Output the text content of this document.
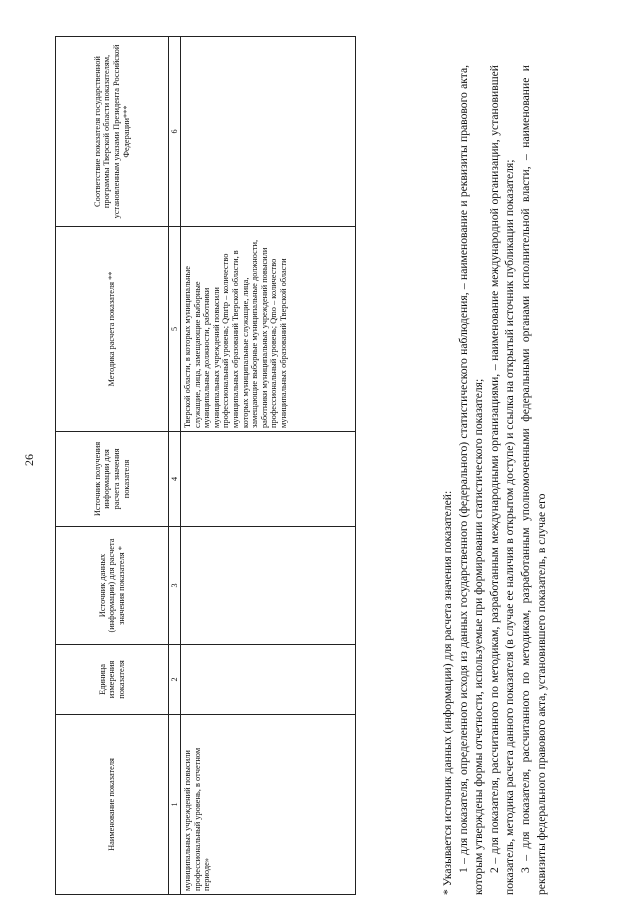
26
Наименование показателя	Единица измерения показателя	Источник данных (информации) для расчета значения показателя *	Источник получения информации для расчета значения показателя	Методика расчета показателя **	Соответствие показателя государственной программы Тверской области показателям, установленным указами Президента Российской Федерации***
1	2	3	4	5	6
муниципальных учреждений повысили профессиональный уровень, в отчетном периоде»				Тверской области, в которых муниципальные служащие, лица, замещающие выборные муниципальные должности, работники муниципальных учреждений повысили профессиональный уровень; Qmrtp – количество муниципальных образований Тверской области, в которых муниципальные служащие, лица, замещающие выборные муниципальные должности, работники муниципальных учреждений повысили профессиональный уровень; Qmo – количество муниципальных образований Тверской области	

* Указывается источник данных (информации) для расчета значения показателей: 1 – для показателя, определенного исходя из данных государственного (федерального) статистического наблюдения, – наименование и реквизиты правового акта, которым утверждены формы отчетности, используемые при формировании статистического показателя; 2 – для показателя, рассчитанного по методикам, разработанным международными организациями, – наименование международной организации, установившей показатель, методика расчета данного показателя (в случае ее наличия в открытом доступе) и ссылка на открытый источник публикации показателя; 3 – для показателя, рассчитанного по методикам, разработанным уполномоченными федеральными органами исполнительной власти, – наименование и реквизиты федерального правового акта, установившего показатель, в случае его
